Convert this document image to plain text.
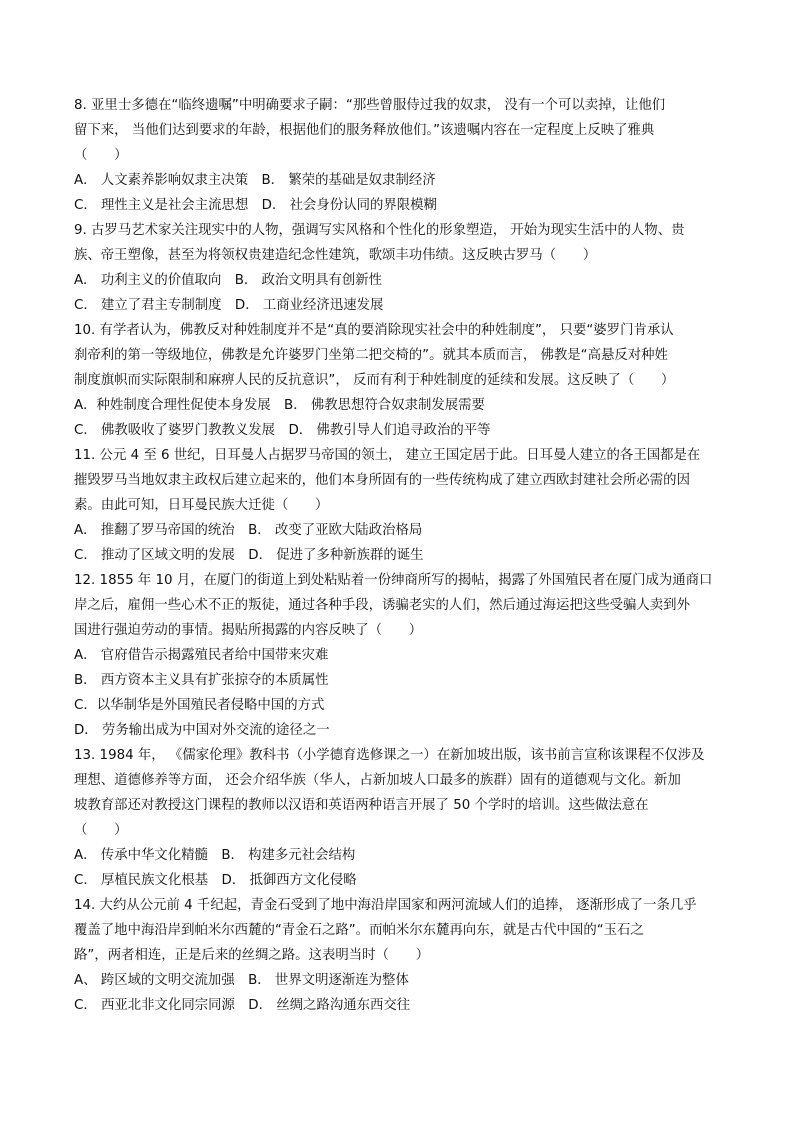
8. 亚里士多德在“临终遗嘱”中明确要求子嗣：“那些曾服侍过我的奴隶， 没有一个可以卖掉，让他们
留下来， 当他们达到要求的年龄，根据他们的服务释放他们。”该遗嘱内容在一定程度上反映了雅典
（　　）
A． 人文素养影响奴隶主决策　B． 繁荣的基础是奴隶制经济
C． 理性主义是社会主流思想　D． 社会身份认同的界限模糊
9. 古罗马艺术家关注现实中的人物，强调写实风格和个性化的形象塑造， 开始为现实生活中的人物、贵
族、帝王塑像，甚至为将领权贵建造纪念性建筑，歌颂丰功伟绩。这反映古罗马（　　）
A． 功利主义的价值取向　B． 政治文明具有创新性
C． 建立了君主专制制度　D． 工商业经济迅速发展
10. 有学者认为，佛教反对种姓制度并不是“真的要消除现实社会中的种姓制度”， 只要“婆罗门肯承认
刹帝利的第一等级地位，佛教是允许婆罗门坐第二把交椅的”。就其本质而言， 佛教是“高悬反对种姓
制度旗帜而实际限制和麻痹人民的反抗意识”， 反而有利于种姓制度的延续和发展。这反映了（　　）
A．种姓制度合理性促使本身发展　B． 佛教思想符合奴隶制发展需要
C． 佛教吸收了婆罗门教教义发展　D． 佛教引导人们追寻政治的平等
11. 公元 4 至 6 世纪，日耳曼人占据罗马帝国的领土， 建立王国定居于此。日耳曼人建立的各王国都是在
摧毁罗马当地奴隶主政权后建立起来的，他们本身所固有的一些传统构成了建立西欧封建社会所必需的因
素。由此可知，日耳曼民族大迁徙（　　）
A． 推翻了罗马帝国的统治　B． 改变了亚欧大陆政治格局
C． 推动了区域文明的发展　D． 促进了多种新族群的诞生
12. 1855 年 10 月，在厦门的街道上到处粘贴着一份绅商所写的揭帖，揭露了外国殖民者在厦门成为通商口
岸之后，雇佣一些心术不正的叛徒，通过各种手段，诱骗老实的人们，然后通过海运把这些受骗人卖到外
国进行强迫劳动的事情。揭贴所揭露的内容反映了（　　）
A． 官府借告示揭露殖民者给中国带来灾难
B． 西方资本主义具有扩张掠夺的本质属性
C．以华制华是外国殖民者侵略中国的方式
D． 劳务输出成为中国对外交流的途径之一
13. 1984 年， 《儒家伦理》教科书（小学德育选修课之一）在新加坡出版，该书前言宣称该课程不仅涉及
理想、道德修养等方面， 还会介绍华族（华人，占新加坡人口最多的族群）固有的道德观与文化。新加
坡教育部还对教授这门课程的教师以汉语和英语两种语言开展了 50 个学时的培训。这些做法意在
（　　）
A． 传承中华文化精髓　B． 构建多元社会结构
C． 厚植民族文化根基　D． 抵御西方文化侵略
14. 大约从公元前 4 千纪起，青金石受到了地中海沿岸国家和两河流域人们的追捧， 逐渐形成了一条几乎
覆盖了地中海沿岸到帕米尔西麓的“青金石之路”。而帕米尔东麓再向东，就是古代中国的“玉石之
路”，两者相连，正是后来的丝绸之路。这表明当时（　　）
A、 跨区域的文明交流加强　B． 世界文明逐渐连为整体
C． 西亚北非文化同宗同源　D． 丝绸之路沟通东西交往
